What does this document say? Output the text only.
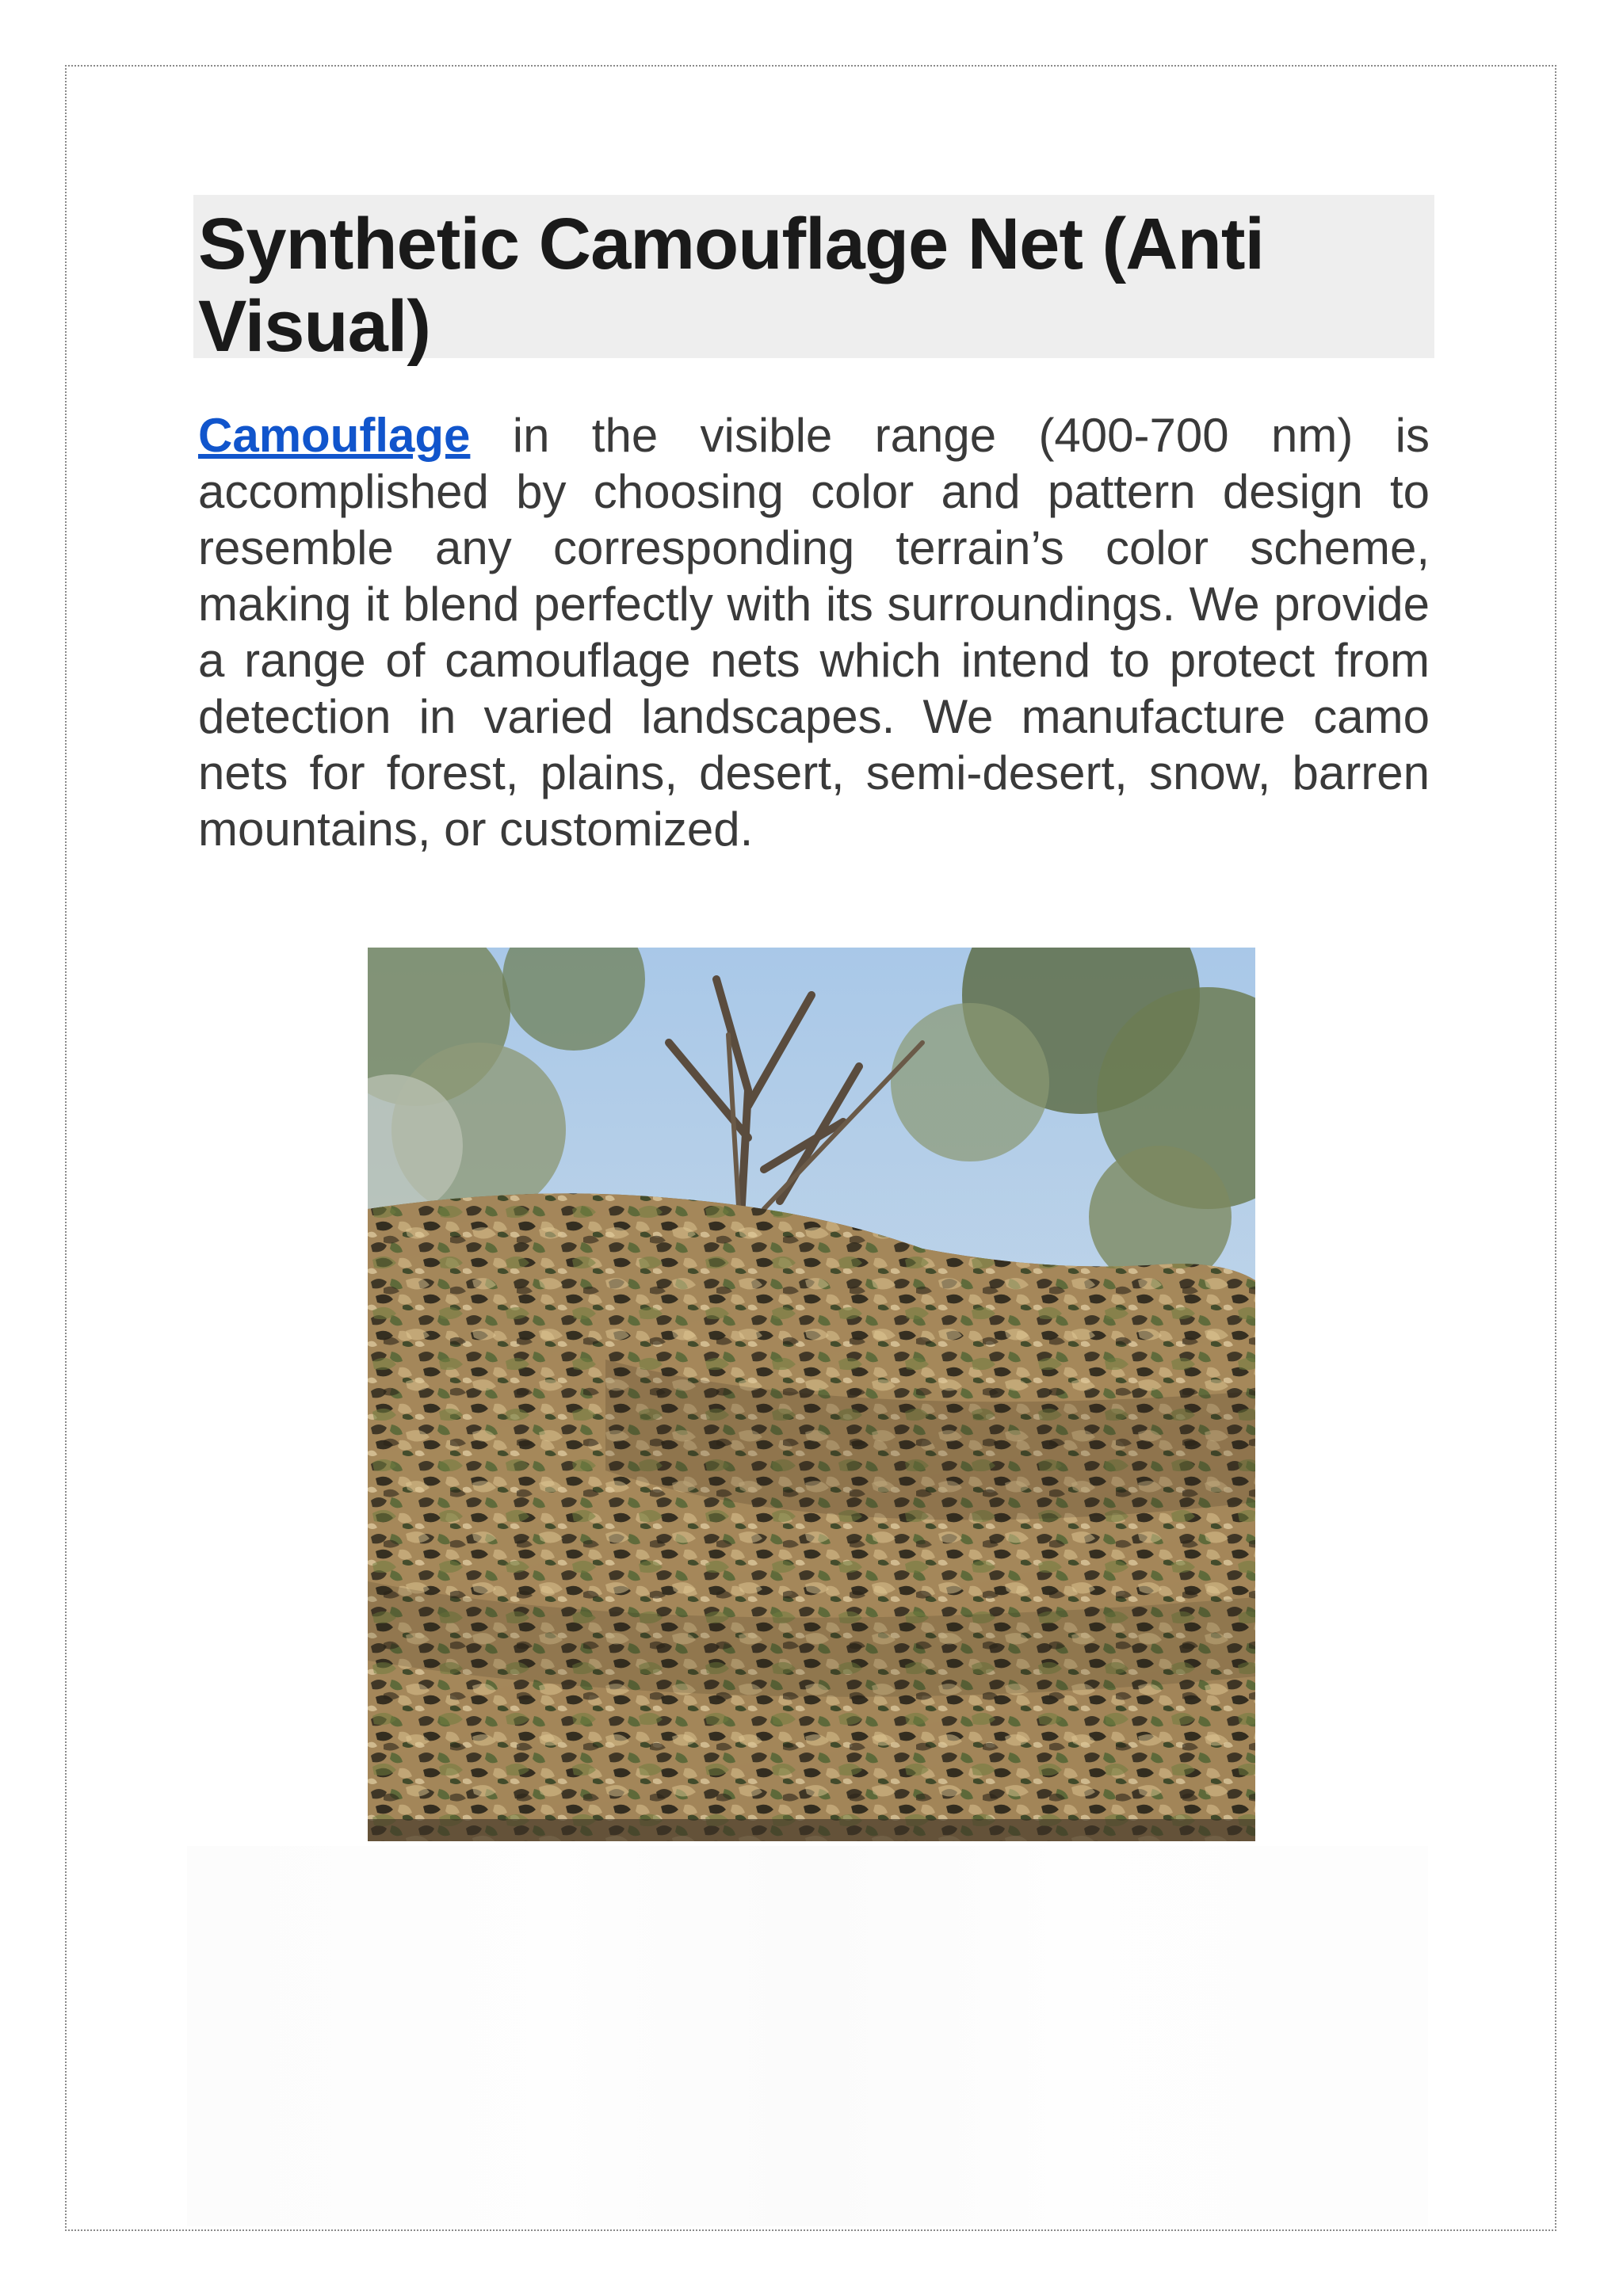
Synthetic Camouflage Net (Anti Visual)

Camouflage in the visible range (400-700 nm) is accomplished by choosing color and pattern design to resemble any corresponding terrain’s color scheme, making it blend perfectly with its surroundings. We provide a range of camouflage nets which intend to protect from detection in varied landscapes. We manufacture camo nets for forest, plains, desert, semi-desert, snow, barren mountains, or customized.
